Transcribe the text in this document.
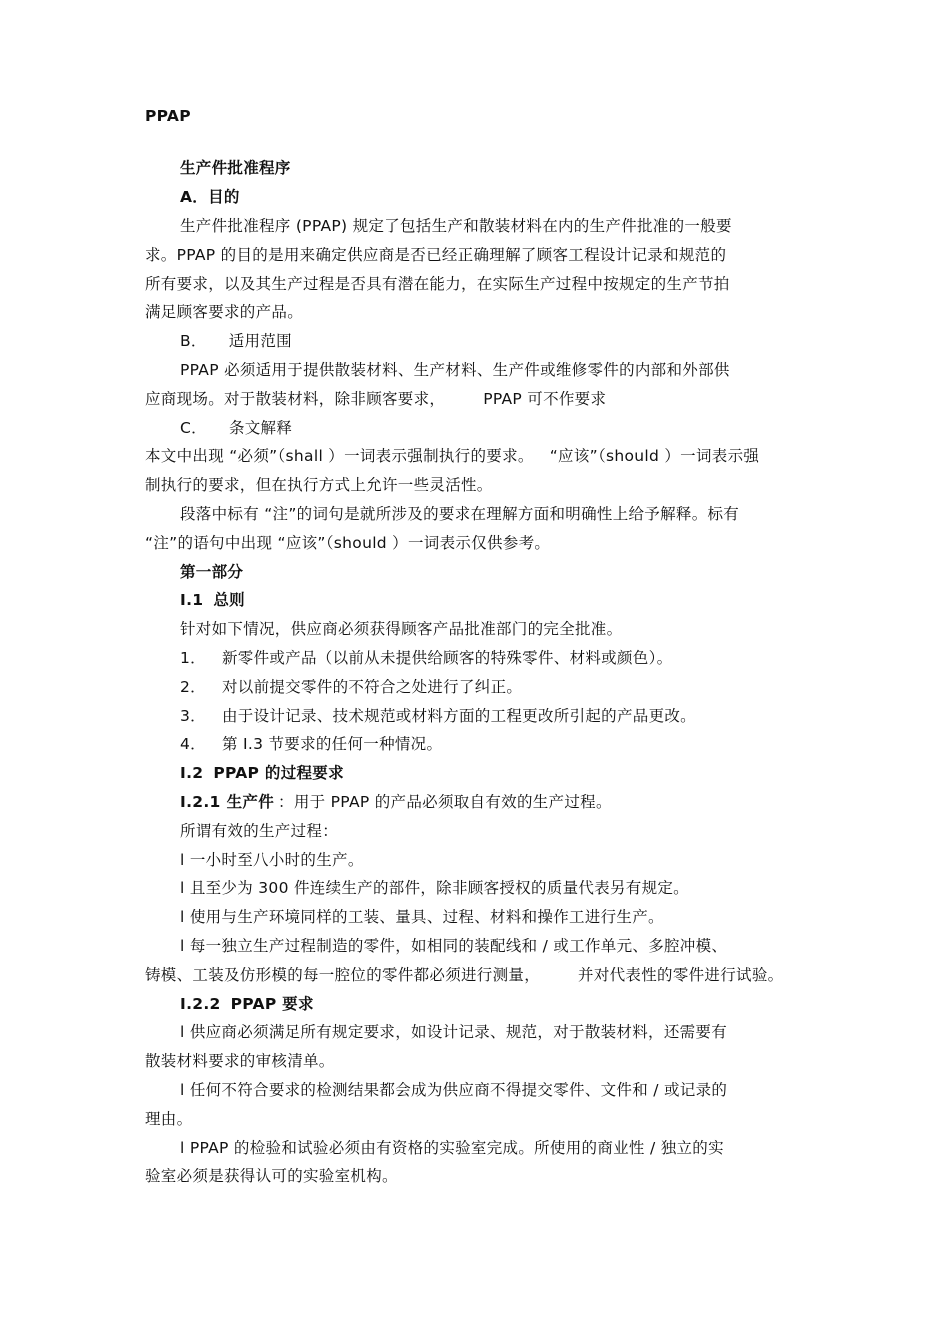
PPAP
生产件批准程序
A．目的
生产件批准程序 (PPAP) 规定了包括生产和散装材料在内的生产件批准的一般要
求。PPAP 的目的是用来确定供应商是否已经正确理解了顾客工程设计记录和规范的
所有要求，以及其生产过程是否具有潜在能力，在实际生产过程中按规定的生产节拍
满足顾客要求的产品。
B． 适用范围
PPAP 必须适用于提供散装材料、生产材料、生产件或维修零件的内部和外部供
应商现场。对于散装材料，除非顾客要求， PPAP 可不作要求
C． 条文解释
本文中出现 “必须”（shall ）一词表示强制执行的要求。 “应该”（should ）一词表示强
制执行的要求，但在执行方式上允许一些灵活性。
段落中标有 “注”的词句是就所涉及的要求在理解方面和明确性上给予解释。标有
“注”的语句中出现 “应该”（should ）一词表示仅供参考。
第一部分
I.1 总则
针对如下情况，供应商必须获得顾客产品批准部门的完全批准。
1． 新零件或产品（以前从未提供给顾客的特殊零件、材料或颜色）。
2． 对以前提交零件的不符合之处进行了纠正。
3． 由于设计记录、技术规范或材料方面的工程更改所引起的产品更改。
4． 第 I.3 节要求的任何一种情况。
I.2 PPAP 的过程要求
I.2.1 生产件 ：用于 PPAP 的产品必须取自有效的生产过程。
所谓有效的生产过程：
l 一小时至八小时的生产。
l 且至少为 300 件连续生产的部件，除非顾客授权的质量代表另有规定。
l 使用与生产环境同样的工装、量具、过程、材料和操作工进行生产。
l 每一独立生产过程制造的零件，如相同的装配线和 / 或工作单元、多腔冲模、
铸模、工装及仿形模的每一腔位的零件都必须进行测量， 并对代表性的零件进行试验。
I.2.2 PPAP 要求
l 供应商必须满足所有规定要求，如设计记录、规范，对于散装材料，还需要有
散装材料要求的审核清单。
l 任何不符合要求的检测结果都会成为供应商不得提交零件、文件和 / 或记录的
理由。
l PPAP 的检验和试验必须由有资格的实验室完成。所使用的商业性 / 独立的实
验室必须是获得认可的实验室机构。
